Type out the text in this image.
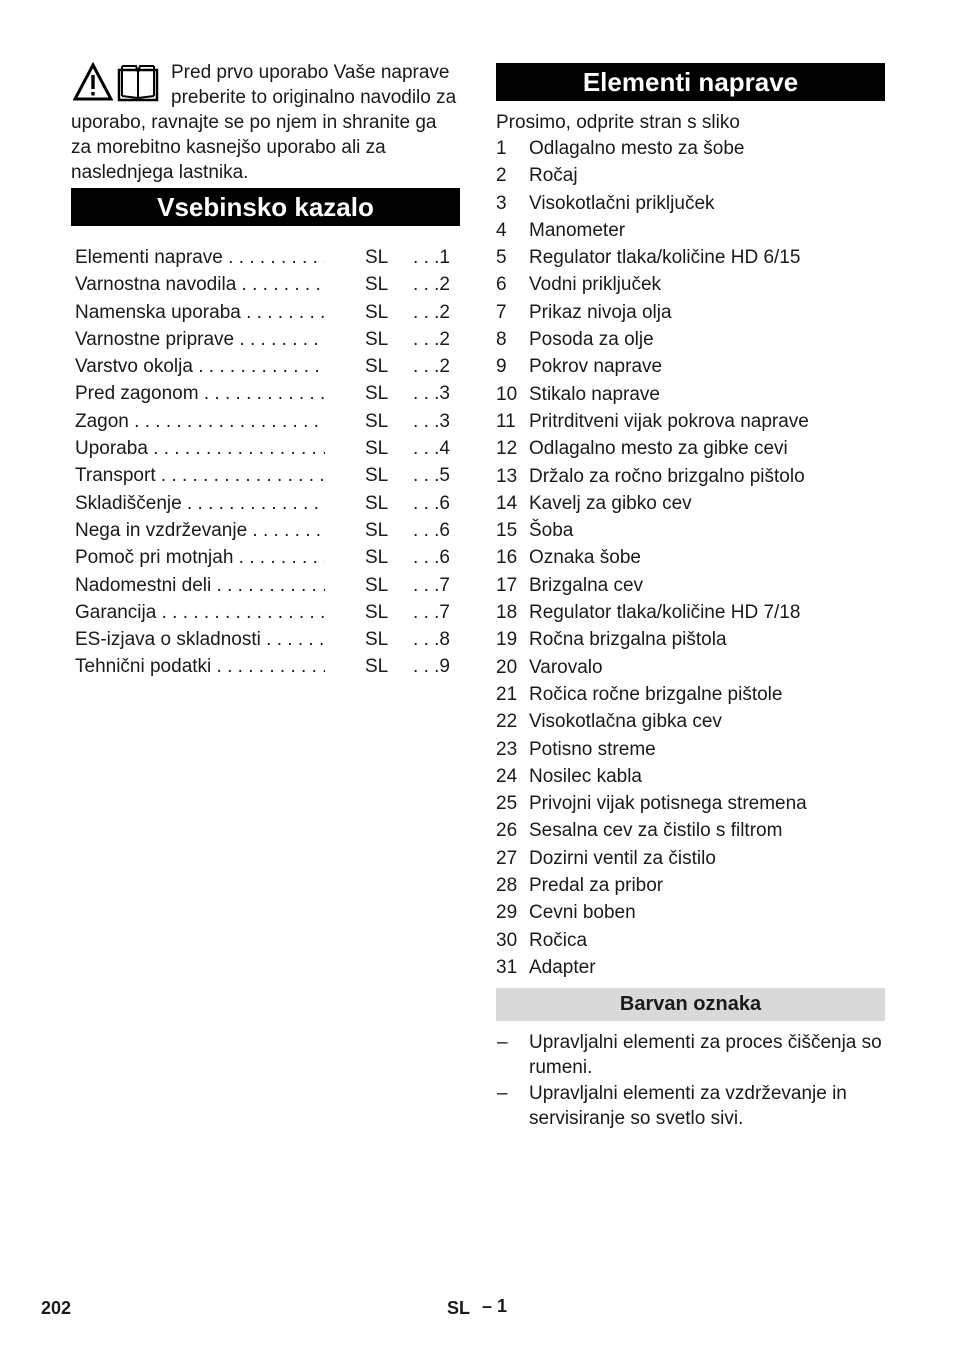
Pred prvo uporabo Vaše naprave preberite to originalno navodilo za uporabo, ravnajte se po njem in shranite ga za morebitno kasnejšo uporabo ali za naslednjega lastnika.
Vsebinsko kazalo
Elementi naprave . . .	SL	. . . 1
Varnostna navodila . . .	SL	. . . 2
Namenska uporaba . . .	SL	. . . 2
Varnostne priprave . . .	SL	. . . 2
Varstvo okolja . . .	SL	. . . 2
Pred zagonom . . .	SL	. . . 3
Zagon . . .	SL	. . . 3
Uporaba . . .	SL	. . . 4
Transport . . .	SL	. . . 5
Skladiščenje . . .	SL	. . . 6
Nega in vzdrževanje . . .	SL	. . . 6
Pomoč pri motnjah . . .	SL	. . . 6
Nadomestni deli . . .	SL	. . . 7
Garancija . . .	SL	. . . 7
ES-izjava o skladnosti . . .	SL	. . . 8
Tehnični podatki . . .	SL	. . . 9
Elementi naprave
Prosimo, odprite stran s sliko
1 Odlagalno mesto za šobe
2 Ročaj
3 Visokotlačni priključek
4 Manometer
5 Regulator tlaka/količine HD 6/15
6 Vodni priključek
7 Prikaz nivoja olja
8 Posoda za olje
9 Pokrov naprave
10 Stikalo naprave
11 Pritrditveni vijak pokrova naprave
12 Odlagalno mesto za gibke cevi
13 Držalo za ročno brizgalno pištolo
14 Kavelj za gibko cev
15 Šoba
16 Oznaka šobe
17 Brizgalna cev
18 Regulator tlaka/količine HD 7/18
19 Ročna brizgalna pištola
20 Varovalo
21 Ročica ročne brizgalne pištole
22 Visokotlačna gibka cev
23 Potisno streme
24 Nosilec kabla
25 Privojni vijak potisnega stremena
26 Sesalna cev za čistilo s filtrom
27 Dozirni ventil za čistilo
28 Predal za pribor
29 Cevni boben
30 Ročica
31 Adapter
Barvan oznaka
– Upravljalni elementi za proces čiščenja so rumeni.
– Upravljalni elementi za vzdrževanje in servisiranje so svetlo sivi.
202	SL – 1
